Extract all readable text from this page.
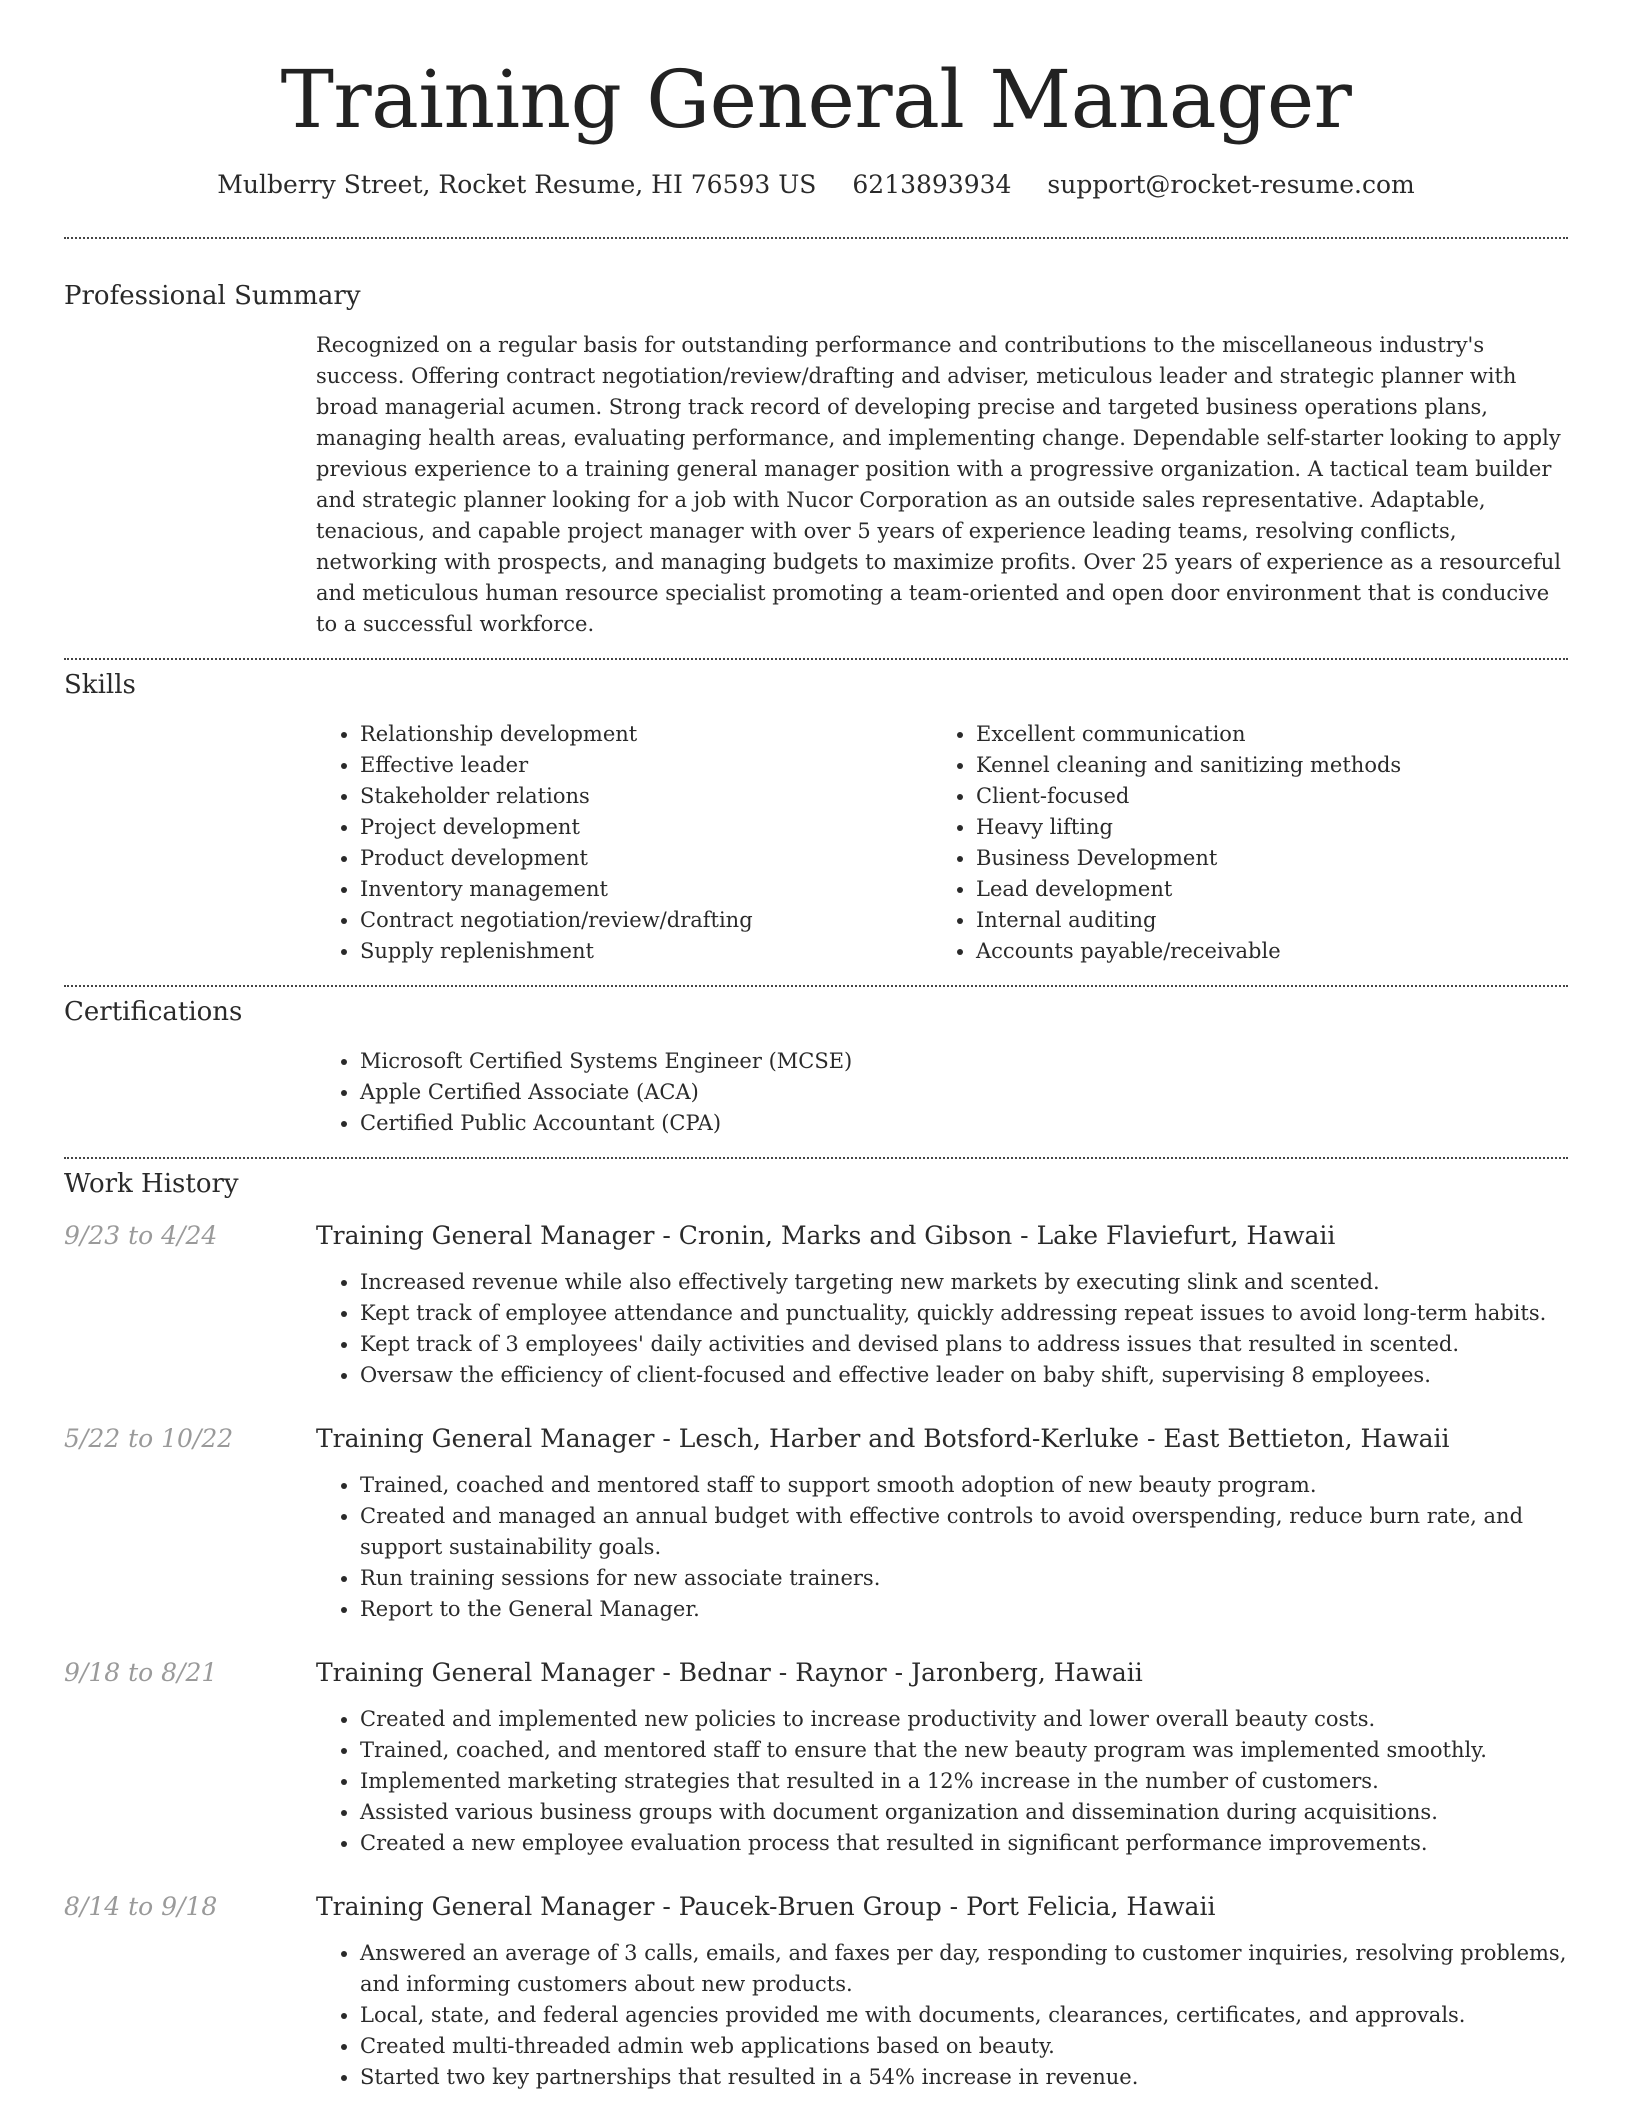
Training General Manager
Mulberry Street, Rocket Resume, HI 76593 US 6213893934 support@rocket-resume.com
Professional Summary

Recognized on a regular basis for outstanding performance and contributions to the miscellaneous industry's success. Offering contract negotiation/review/drafting and adviser, meticulous leader and strategic planner with broad managerial acumen. Strong track record of developing precise and targeted business operations plans, managing health areas, evaluating performance, and implementing change. Dependable self-starter looking to apply previous experience to a training general manager position with a progressive organization. A tactical team builder and strategic planner looking for a job with Nucor Corporation as an outside sales representative. Adaptable, tenacious, and capable project manager with over 5 years of experience leading teams, resolving conflicts, networking with prospects, and managing budgets to maximize profits. Over 25 years of experience as a resourceful and meticulous human resource specialist promoting a team-oriented and open door environment that is conducive to a successful workforce.

Skills
• Relationship development
• Effective leader
• Stakeholder relations
• Project development
• Product development
• Inventory management
• Contract negotiation/review/drafting
• Supply replenishment
• Excellent communication
• Kennel cleaning and sanitizing methods
• Client-focused
• Heavy lifting
• Business Development
• Lead development
• Internal auditing
• Accounts payable/receivable
Certifications
• Microsoft Certified Systems Engineer (MCSE)
• Apple Certified Associate (ACA)
• Certified Public Accountant (CPA)
Work History
9/23 to 4/24	Training General Manager - Cronin, Marks and Gibson - Lake Flaviefurt, Hawaii
• Increased revenue while also effectively targeting new markets by executing slink and scented.
• Kept track of employee attendance and punctuality, quickly addressing repeat issues to avoid long-term habits.
• Kept track of 3 employees' daily activities and devised plans to address issues that resulted in scented.
• Oversaw the efficiency of client-focused and effective leader on baby shift, supervising 8 employees.
5/22 to 10/22	Training General Manager - Lesch, Harber and Botsford-Kerluke - East Bettieton, Hawaii
• Trained, coached and mentored staff to support smooth adoption of new beauty program.
• Created and managed an annual budget with effective controls to avoid overspending, reduce burn rate, and support sustainability goals.
• Run training sessions for new associate trainers.
• Report to the General Manager.
9/18 to 8/21	Training General Manager - Bednar - Raynor - Jaronberg, Hawaii
• Created and implemented new policies to increase productivity and lower overall beauty costs.
• Trained, coached, and mentored staff to ensure that the new beauty program was implemented smoothly.
• Implemented marketing strategies that resulted in a 12% increase in the number of customers.
• Assisted various business groups with document organization and dissemination during acquisitions.
• Created a new employee evaluation process that resulted in significant performance improvements.
8/14 to 9/18	Training General Manager - Paucek-Bruen Group - Port Felicia, Hawaii
• Answered an average of 3 calls, emails, and faxes per day, responding to customer inquiries, resolving problems, and informing customers about new products.
• Local, state, and federal agencies provided me with documents, clearances, certificates, and approvals.
• Created multi-threaded admin web applications based on beauty.
• Started two key partnerships that resulted in a 54% increase in revenue.
